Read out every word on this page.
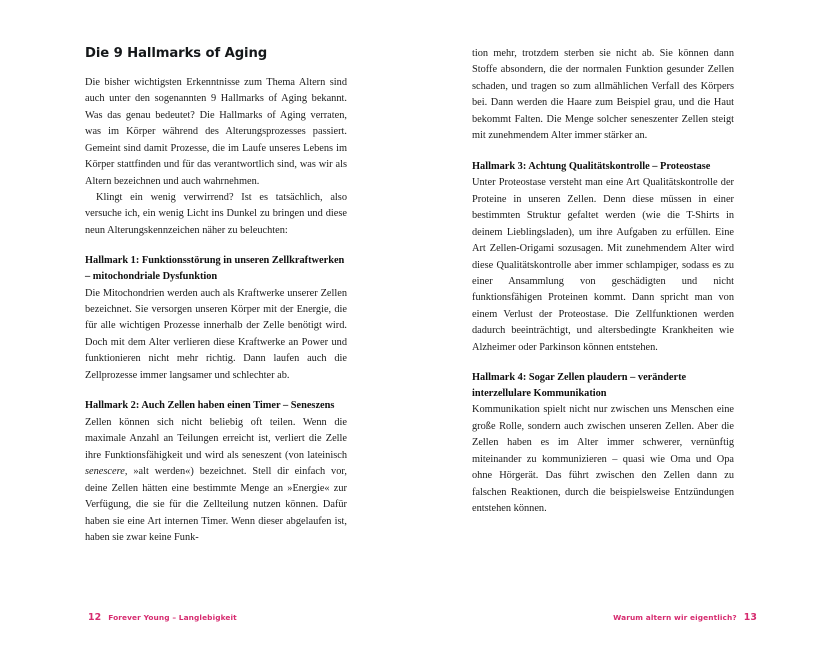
Die 9 Hallmarks of Aging

Die bisher wichtigsten Erkenntnisse zum Thema Altern sind auch unter den sogenannten 9 Hallmarks of Aging bekannt. Was das genau bedeutet? Die Hallmarks of Aging verraten, was im Körper während des Alterungsprozesses passiert. Gemeint sind damit Prozesse, die im Laufe unseres Lebens im Körper stattfinden und für das verantwortlich sind, was wir als Altern bezeichnen und auch wahrnehmen.

Klingt ein wenig verwirrend? Ist es tatsächlich, also versuche ich, ein wenig Licht ins Dunkel zu bringen und diese neun Alterungskennzeichen näher zu beleuchten:

Hallmark 1: Funktionsstörung in unseren Zellkraftwerken – mitochondriale Dysfunktion

Die Mitochondrien werden auch als Kraftwerke unserer Zellen bezeichnet. Sie versorgen unseren Körper mit der Energie, die für alle wichtigen Prozesse innerhalb der Zelle benötigt wird. Doch mit dem Alter verlieren diese Kraftwerke an Power und funktionieren nicht mehr richtig. Dann laufen auch die Zellprozesse immer langsamer und schlechter ab.

Hallmark 2: Auch Zellen haben einen Timer – Seneszens

Zellen können sich nicht beliebig oft teilen. Wenn die maximale Anzahl an Teilungen erreicht ist, verliert die Zelle ihre Funktionsfähigkeit und wird als seneszent (von lateinisch senescere, »alt werden«) bezeichnet. Stell dir einfach vor, deine Zellen hätten eine bestimmte Menge an »Energie« zur Verfügung, die sie für die Zellteilung nutzen können. Dafür haben sie eine Art internen Timer. Wenn dieser abgelaufen ist, haben sie zwar keine Funk-

12 Forever Young – Langlebigkeit

tion mehr, trotzdem sterben sie nicht ab. Sie können dann Stoffe absondern, die der normalen Funktion gesunder Zellen schaden, und tragen so zum allmählichen Verfall des Körpers bei. Dann werden die Haare zum Beispiel grau, und die Haut bekommt Falten. Die Menge solcher seneszenter Zellen steigt mit zunehmendem Alter immer stärker an.

Hallmark 3: Achtung Qualitätskontrolle – Proteostase

Unter Proteostase versteht man eine Art Qualitätskontrolle der Proteine in unseren Zellen. Denn diese müssen in einer bestimmten Struktur gefaltet werden (wie die T-Shirts in deinem Lieblingsladen), um ihre Aufgaben zu erfüllen. Eine Art Zellen-Origami sozusagen. Mit zunehmendem Alter wird diese Qualitätskontrolle aber immer schlampiger, sodass es zu einer Ansammlung von geschädigten und nicht funktionsfähigen Proteinen kommt. Dann spricht man von einem Verlust der Proteostase. Die Zellfunktionen werden dadurch beeinträchtigt, und altersbedingte Krankheiten wie Alzheimer oder Parkinson können entstehen.

Hallmark 4: Sogar Zellen plaudern – veränderte interzellulare Kommunikation

Kommunikation spielt nicht nur zwischen uns Menschen eine große Rolle, sondern auch zwischen unseren Zellen. Aber die Zellen haben es im Alter immer schwerer, vernünftig miteinander zu kommunizieren – quasi wie Oma und Opa ohne Hörgerät. Das führt zwischen den Zellen dann zu falschen Reaktionen, durch die beispielsweise Entzündungen entstehen können.

Warum altern wir eigentlich? 13
